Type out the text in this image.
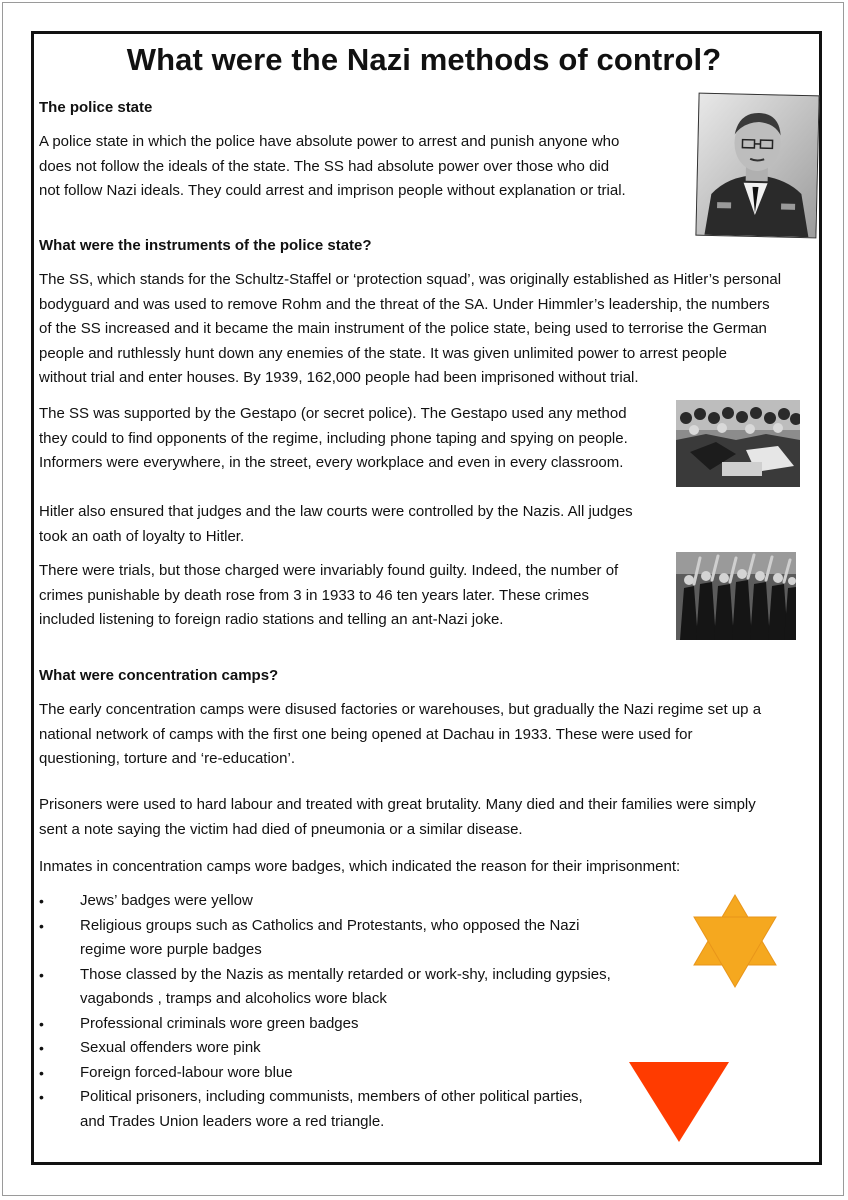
What were the Nazi methods of control?
The police state
A police state in which the police have absolute power to arrest and punish anyone who
does not follow the ideals of the state. The SS had absolute power over those who did
not follow Nazi ideals. They could arrest and imprison people without explanation or trial.
What were the instruments of the police state?
The SS, which stands for the Schultz-Staffel or ‘protection squad’, was originally established as Hitler’s personal
bodyguard and was used to remove Rohm and the threat of the SA. Under Himmler’s leadership, the numbers
of the SS increased and it became the main instrument of the police state, being used to terrorise the German
people and ruthlessly hunt down any enemies of the state. It was given unlimited power to arrest people
without trial and enter houses. By 1939, 162,000 people had been imprisoned without trial.
The SS was supported by the Gestapo (or secret police). The Gestapo used any method
they could to find opponents of the regime, including phone taping and spying on people.
Informers were everywhere, in the street, every workplace and even in every classroom.
Hitler also ensured that judges and the law courts were controlled by the Nazis. All judges
took an oath of loyalty to Hitler.
There were trials, but those charged were invariably found guilty. Indeed, the number of
crimes punishable by death rose from 3 in 1933 to 46 ten years later. These crimes
included listening to foreign radio stations and telling an ant-Nazi joke.
What were concentration camps?
The early concentration camps were disused factories or warehouses, but gradually the Nazi regime set up a
national network of camps with the first one being opened at Dachau in 1933. These were used for
questioning, torture and ‘re-education’.
Prisoners were used to hard labour and treated with great brutality. Many died and their families were simply
sent a note saying the victim had died of pneumonia or a similar disease.
Inmates in concentration camps wore badges, which indicated the reason for their imprisonment:
• Jews’ badges were yellow
• Religious groups such as Catholics and Protestants, who opposed the Nazi
regime wore purple badges
• Those classed by the Nazis as mentally retarded or work-shy, including gypsies,
vagabonds , tramps and alcoholics wore black
• Professional criminals wore green badges
• Sexual offenders wore pink
• Foreign forced-labour wore blue
• Political prisoners, including communists, members of other political parties,
and Trades Union leaders wore a red triangle.
